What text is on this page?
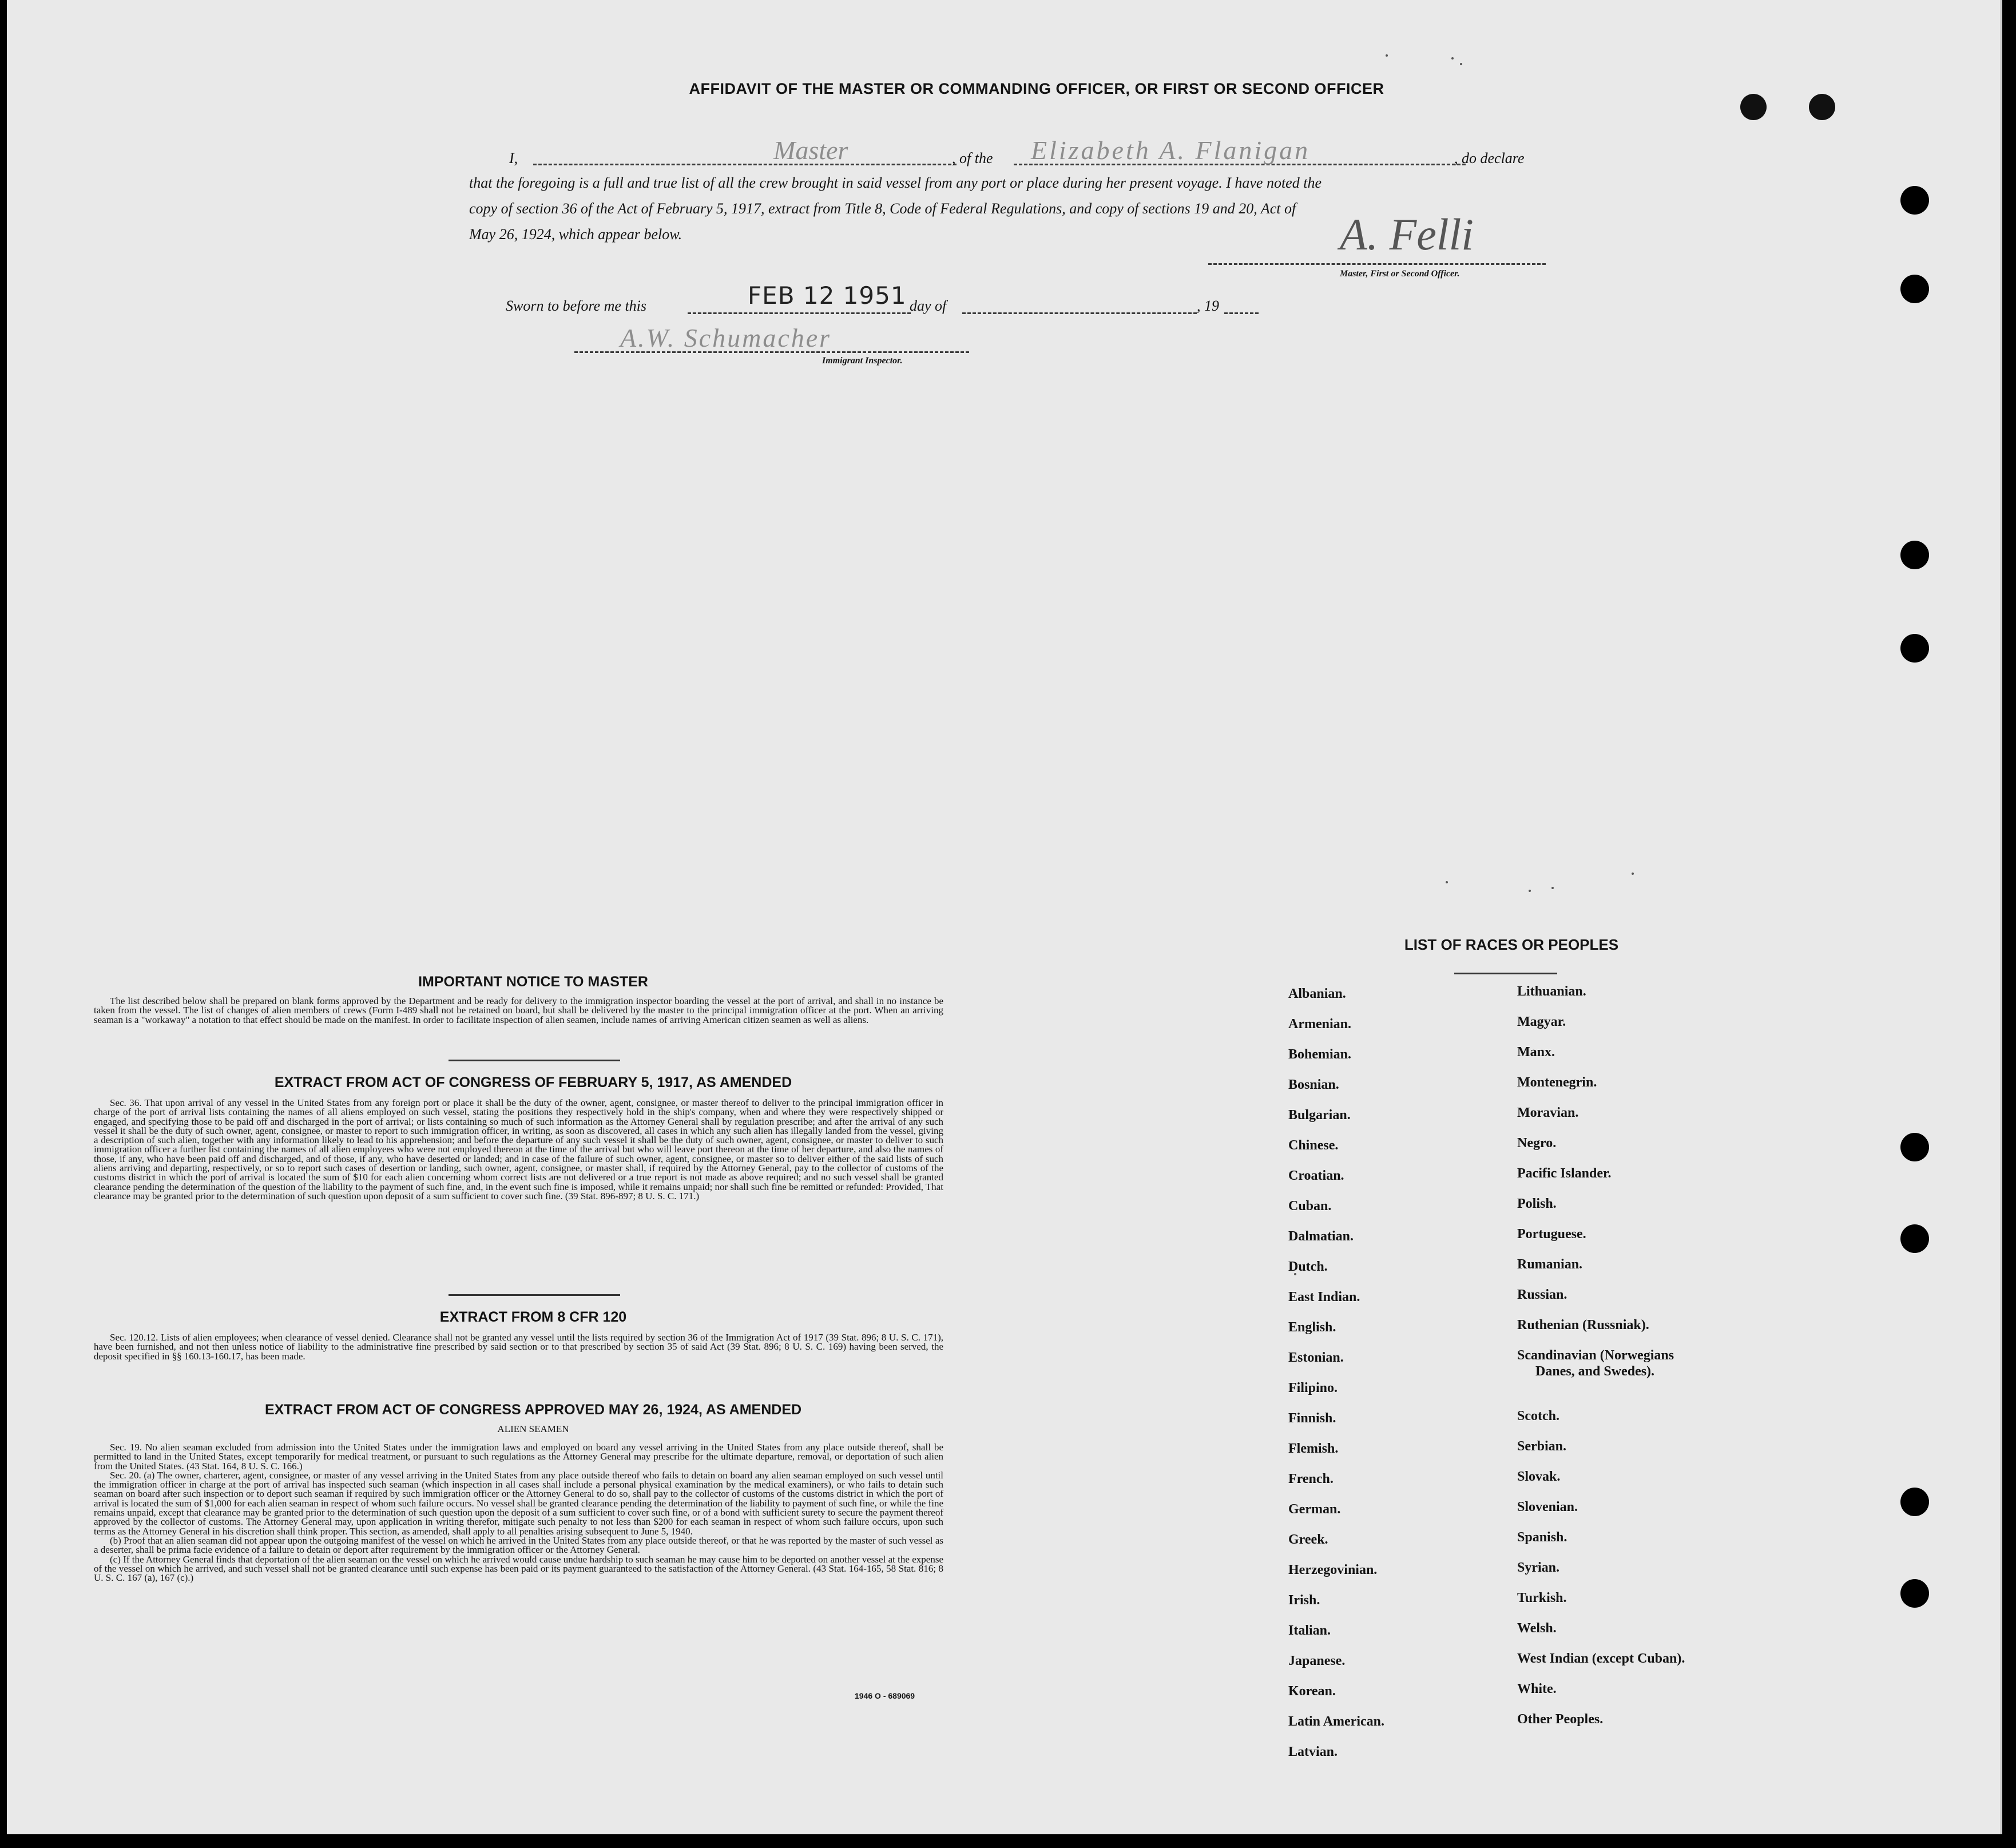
AFFIDAVIT OF THE MASTER OR COMMANDING OFFICER, OR FIRST OR SECOND OFFICER
I,	Master	, of the Elizabeth A. Flanigan	, do declare
that the foregoing is a full and true list of all the crew brought in said vessel from any port or place during her present voyage. I have noted the
copy of section 36 of the Act of February 5, 1917, extract from Title 8, Code of Federal Regulations, and copy of sections 19 and 20, Act of
May 26, 1924, which appear below.	A. Felli
Master, First or Second Officer.
Sworn to before me this	FEB 12 1951 day of	, 19
A.W. Schumacher
Immigrant Inspector.
IMPORTANT NOTICE TO MASTER

The list described below shall be prepared on blank forms approved by the Department and be ready for delivery to the immigration inspector boarding the vessel at the port of arrival, and shall in no instance be taken from the vessel. The list of changes of alien members of crews (Form I-489 shall not be retained on board, but shall be delivered by the master to the principal immigration officer at the port. When an arriving seaman is a "workaway" a notation to that effect should be made on the manifest. In order to facilitate inspection of alien seamen, include names of arriving American citizen seamen as well as aliens.

EXTRACT FROM ACT OF CONGRESS OF FEBRUARY 5, 1917, AS AMENDED

Sec. 36. That upon arrival of any vessel in the United States from any foreign port or place it shall be the duty of the owner, agent, consignee, or master thereof to deliver to the principal immigration officer in charge of the port of arrival lists containing the names of all aliens employed on such vessel, stating the positions they respectively hold in the ship's company, when and where they were respectively shipped or engaged, and specifying those to be paid off and discharged in the port of arrival; or lists containing so much of such information as the Attorney General shall by regulation prescribe; and after the arrival of any such vessel it shall be the duty of such owner, agent, consignee, or master to report to such immigration officer, in writing, as soon as discovered, all cases in which any such alien has illegally landed from the vessel, giving a description of such alien, together with any information likely to lead to his apprehension; and before the departure of any such vessel it shall be the duty of such owner, agent, consignee, or master to deliver to such immigration officer a further list containing the names of all alien employees who were not employed thereon at the time of the arrival but who will leave port thereon at the time of her departure, and also the names of those, if any, who have been paid off and discharged, and of those, if any, who have deserted or landed; and in case of the failure of such owner, agent, consignee, or master so to deliver either of the said lists of such aliens arriving and departing, respectively, or so to report such cases of desertion or landing, such owner, agent, consignee, or master shall, if required by the Attorney General, pay to the collector of customs of the customs district in which the port of arrival is located the sum of $10 for each alien concerning whom correct lists are not delivered or a true report is not made as above required; and no such vessel shall be granted clearance pending the determination of the question of the liability to the payment of such fine, and, in the event such fine is imposed, while it remains unpaid; nor shall such fine be remitted or refunded: Provided, That clearance may be granted prior to the determination of such question upon deposit of a sum sufficient to cover such fine. (39 Stat. 896-897; 8 U. S. C. 171.)

EXTRACT FROM 8 CFR 120

Sec. 120.12. Lists of alien employees; when clearance of vessel denied. Clearance shall not be granted any vessel until the lists required by section 36 of the Immigration Act of 1917 (39 Stat. 896; 8 U. S. C. 171), have been furnished, and not then unless notice of liability to the administrative fine prescribed by said section or to that prescribed by section 35 of said Act (39 Stat. 896; 8 U. S. C. 169) having been served, the deposit specified in §§ 160.13-160.17, has been made.

EXTRACT FROM ACT OF CONGRESS APPROVED MAY 26, 1924, AS AMENDED
ALIEN SEAMEN

Sec. 19. No alien seaman excluded from admission into the United States under the immigration laws and employed on board any vessel arriving in the United States from any place outside thereof, shall be permitted to land in the United States, except temporarily for medical treatment, or pursuant to such regulations as the Attorney General may prescribe for the ultimate departure, removal, or deportation of such alien from the United States. (43 Stat. 164, 8 U. S. C. 166.)

Sec. 20. (a) The owner, charterer, agent, consignee, or master of any vessel arriving in the United States from any place outside thereof who fails to detain on board any alien seaman employed on such vessel until the immigration officer in charge at the port of arrival has inspected such seaman (which inspection in all cases shall include a personal physical examination by the medical examiners), or who fails to detain such seaman on board after such inspection or to deport such seaman if required by such immigration officer or the Attorney General to do so, shall pay to the collector of customs of the customs district in which the port of arrival is located the sum of $1,000 for each alien seaman in respect of whom such failure occurs. No vessel shall be granted clearance pending the determination of the liability to payment of such fine, or while the fine remains unpaid, except that clearance may be granted prior to the determination of such question upon the deposit of a sum sufficient to cover such fine, or of a bond with sufficient surety to secure the payment thereof approved by the collector of customs. The Attorney General may, upon application in writing therefor, mitigate such penalty to not less than $200 for each seaman in respect of whom such failure occurs, upon such terms as the Attorney General in his discretion shall think proper. This section, as amended, shall apply to all penalties arising subsequent to June 5, 1940.

(b) Proof that an alien seaman did not appear upon the outgoing manifest of the vessel on which he arrived in the United States from any place outside thereof, or that he was reported by the master of such vessel as a deserter, shall be prima facie evidence of a failure to detain or deport after requirement by the immigration officer or the Attorney General.

(c) If the Attorney General finds that deportation of the alien seaman on the vessel on which he arrived would cause undue hardship to such seaman he may cause him to be deported on another vessel at the expense of the vessel on which he arrived, and such vessel shall not be granted clearance until such expense has been paid or its payment guaranteed to the satisfaction of the Attorney General. (43 Stat. 164-165, 58 Stat. 816; 8 U. S. C. 167 (a), 167 (c).)

1946 O - 689069
LIST OF RACES OR PEOPLES
Albanian.
Armenian.
Bohemian.
Bosnian.
Bulgarian.
Chinese.
Croatian.
Cuban.
Dalmatian.
Dutch.
East Indian.
English.
Estonian.
Filipino.
Finnish.
Flemish.
French.
German.
Greek.
Herzegovinian.
Irish.
Italian.
Japanese.
Korean.
Latin American.
Latvian.
Lithuanian.
Magyar.
Manx.
Montenegrin.
Moravian.
Negro.
Pacific Islander.
Polish.
Portuguese.
Rumanian.
Russian.
Ruthenian (Russniak).
Scandinavian (Norwegians
Danes, and Swedes).
Scotch.
Serbian.
Slovak.
Slovenian.
Spanish.
Syrian.
Turkish.
Welsh.
West Indian (except Cuban).
White.
Other Peoples.
